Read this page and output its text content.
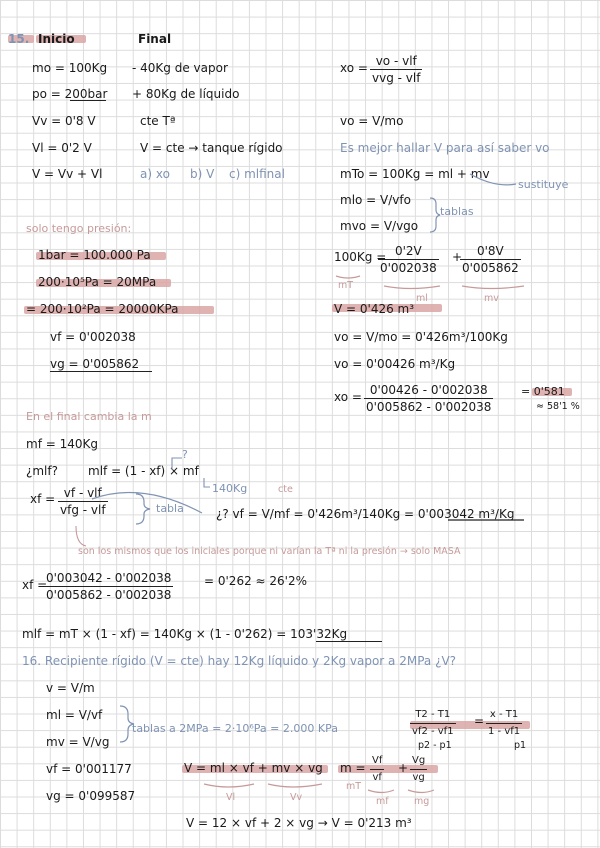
15. Inicio	Final
mo = 100Kg
po = 200bar
Vv = 0'8 V
Vl = 0'2 V
V = Vv + Vl
- 40Kg de vapor
+ 80Kg de líquido
cte Tª
V = cte → tanque rígido
a) xo b) V c) mlfinal
xo = vo - vlf
vvg - vlf
vo = V/mo
Es mejor hallar V para así saber vo
mTo = 100Kg = ml + mv
sustituye
mlo = V/vfo
mvo = V/vgo
tablas
solo tengo presión:
1bar = 100.000 Pa
200·10⁵Pa = 20MPa
= 200·10²Pa = 20000KPa
vf = 0'002038
vg = 0'005862
100Kg =
$\frac{0'2V}{0'002038}$ +
$\frac{0'8V}{0'005862}$
mT
ml	mv
V = 0'426 m³
vo = V/mo = 0'426m³/100Kg
vo = 0'00426 m³/Kg
xo = $\frac{0'00426 - 0'002038}{0'005862 - 0'002038}$	= 0'581
≈ 58'1 %
En el final cambia la m
mf = 140Kg
¿mlf?	mlf = (1 - xf) × mf
?
140Kg	cte
xf = vf - vlf
vfg - vlf	tabla	¿? vf = V/mf = 0'426m³/140Kg = 0'003042 m³/Kg
son los mismos que los iniciales porque ni varían la Tª ni la presión → solo MASA
xf =
$\frac{0'003042 - 0'002038}{0'005862 - 0'002038}$	= 0'262 ≈ 26'2%
mlf = mT × (1 - xf) = 140Kg × (1 - 0'262) = 103'32Kg
16. Recipiente rígido (V = cte) hay 12Kg líquido y 2Kg vapor a 2MPa ¿V?
v = V/m
ml = V/vf
mv = V/vg
tablas a 2MPa = 2·10⁶Pa = 2.000 KPa
vf = 0'001177
vg = 0'099587
$\frac{T2 - T1}{vf2 - vf1} = \frac{x - T1}{1 - vf1}$
p2 - p1	p1
V = ml × vf + mv × vg
Vl	Vv
$m = \frac{Vf}{vf} + \frac{Vg}{vg}$
mT
mf	mg
V = 12 × vf + 2 × vg → V = 0'213 m³
